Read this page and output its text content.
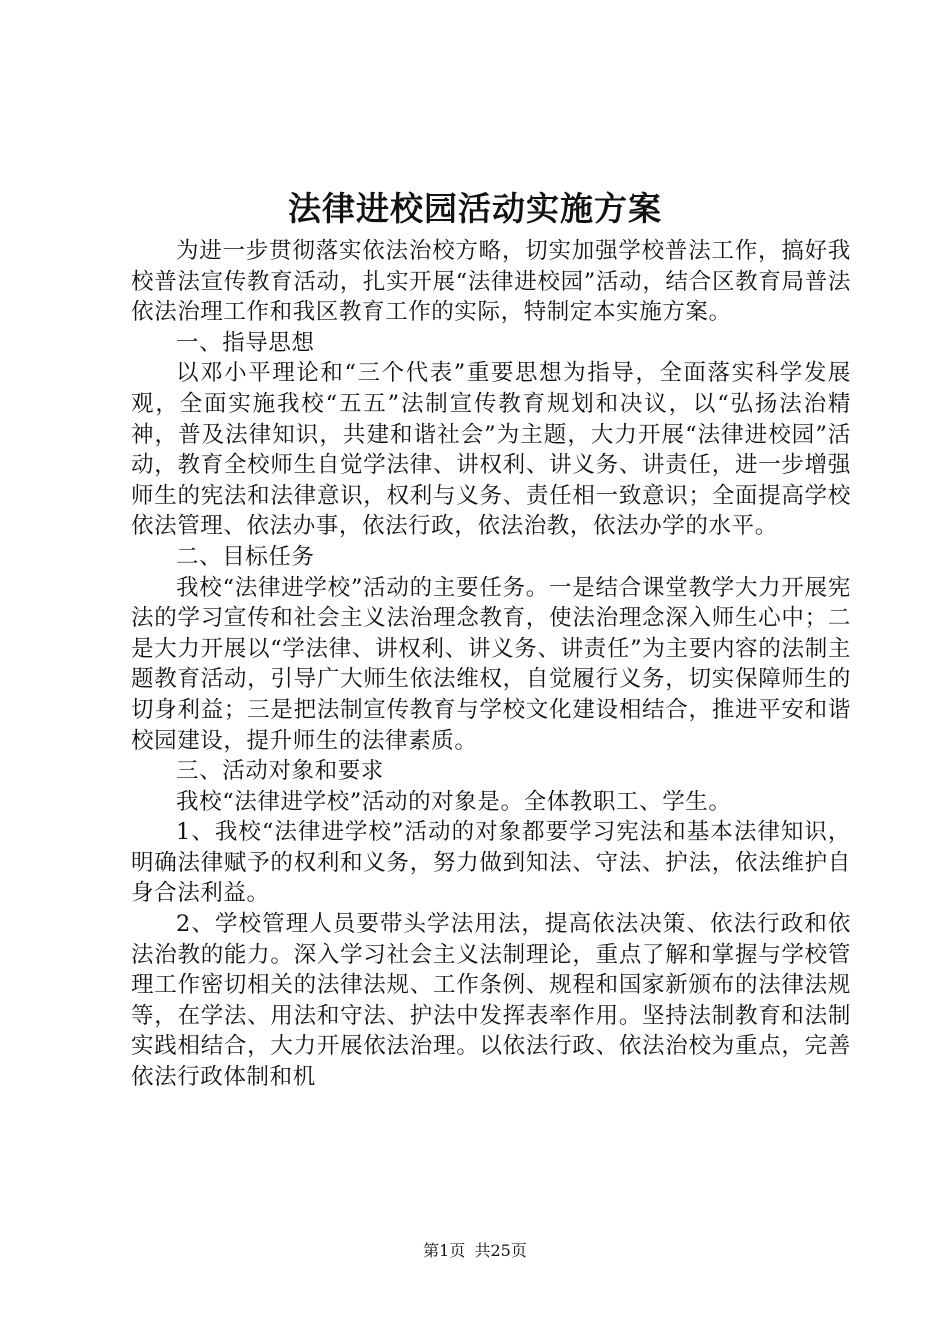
法律进校园活动实施方案

为进一步贯彻落实依法治校方略，切实加强学校普法工作，搞好我校普法宣传教育活动，扎实开展“法律进校园”活动，结合区教育局普法依法治理工作和我区教育工作的实际，特制定本实施方案。

一、指导思想

以邓小平理论和“三个代表”重要思想为指导，全面落实科学发展观，全面实施我校“五五”法制宣传教育规划和决议，以“弘扬法治精神，普及法律知识，共建和谐社会”为主题，大力开展“法律进校园”活动，教育全校师生自觉学法律、讲权利、讲义务、讲责任，进一步增强师生的宪法和法律意识，权利与义务、责任相一致意识；全面提高学校依法管理、依法办事，依法行政，依法治教，依法办学的水平。

二、目标任务

我校“法律进学校”活动的主要任务。一是结合课堂教学大力开展宪法的学习宣传和社会主义法治理念教育，使法治理念深入师生心中；二是大力开展以“学法律、讲权利、讲义务、讲责任”为主要内容的法制主题教育活动，引导广大师生依法维权，自觉履行义务，切实保障师生的切身利益；三是把法制宣传教育与学校文化建设相结合，推进平安和谐校园建设，提升师生的法律素质。

三、活动对象和要求

我校“法律进学校”活动的对象是。全体教职工、学生。

1、我校“法律进学校”活动的对象都要学习宪法和基本法律知识，明确法律赋予的权利和义务，努力做到知法、守法、护法，依法维护自身合法利益。

2、学校管理人员要带头学法用法，提高依法决策、依法行政和依法治教的能力。深入学习社会主义法制理论，重点了解和掌握与学校管理工作密切相关的法律法规、工作条例、规程和国家新颁布的法律法规等，在学法、用法和守法、护法中发挥表率作用。坚持法制教育和法制实践相结合，大力开展依法治理。以依法行政、依法治校为重点，完善依法行政体制和机

第1页 共25页
